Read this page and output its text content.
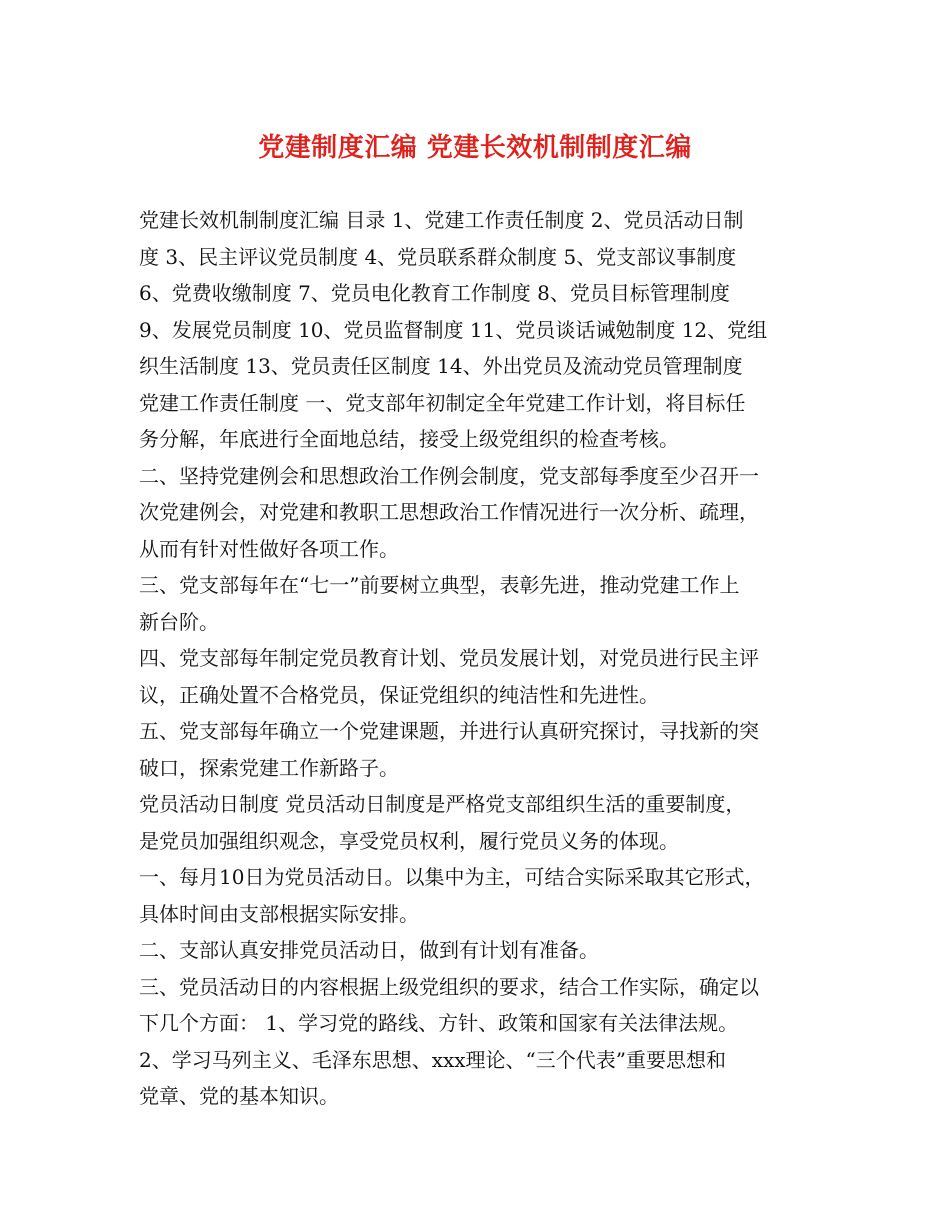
党建制度汇编 党建长效机制制度汇编
党建长效机制制度汇编 目录 1、党建工作责任制度 2、党员活动日制
度 3、民主评议党员制度 4、党员联系群众制度 5、党支部议事制度
6、党费收缴制度 7、党员电化教育工作制度 8、党员目标管理制度
9、发展党员制度 10、党员监督制度 11、党员谈话诫勉制度 12、党组
织生活制度 13、党员责任区制度 14、外出党员及流动党员管理制度
党建工作责任制度 一、党支部年初制定全年党建工作计划，将目标任
务分解，年底进行全面地总结，接受上级党组织的检查考核。
二、坚持党建例会和思想政治工作例会制度，党支部每季度至少召开一
次党建例会，对党建和教职工思想政治工作情况进行一次分析、疏理，
从而有针对性做好各项工作。
三、党支部每年在“七一”前要树立典型，表彰先进，推动党建工作上
新台阶。
四、党支部每年制定党员教育计划、党员发展计划，对党员进行民主评
议，正确处置不合格党员，保证党组织的纯洁性和先进性。
五、党支部每年确立一个党建课题，并进行认真研究探讨，寻找新的突
破口，探索党建工作新路子。
党员活动日制度 党员活动日制度是严格党支部组织生活的重要制度，
是党员加强组织观念，享受党员权利，履行党员义务的体现。
一、每月10日为党员活动日。以集中为主，可结合实际采取其它形式，
具体时间由支部根据实际安排。
二、支部认真安排党员活动日，做到有计划有准备。
三、党员活动日的内容根据上级党组织的要求，结合工作实际，确定以
下几个方面： 1、学习党的路线、方针、政策和国家有关法律法规。
2、学习马列主义、毛泽东思想、xxx理论、“三个代表”重要思想和
党章、党的基本知识。
